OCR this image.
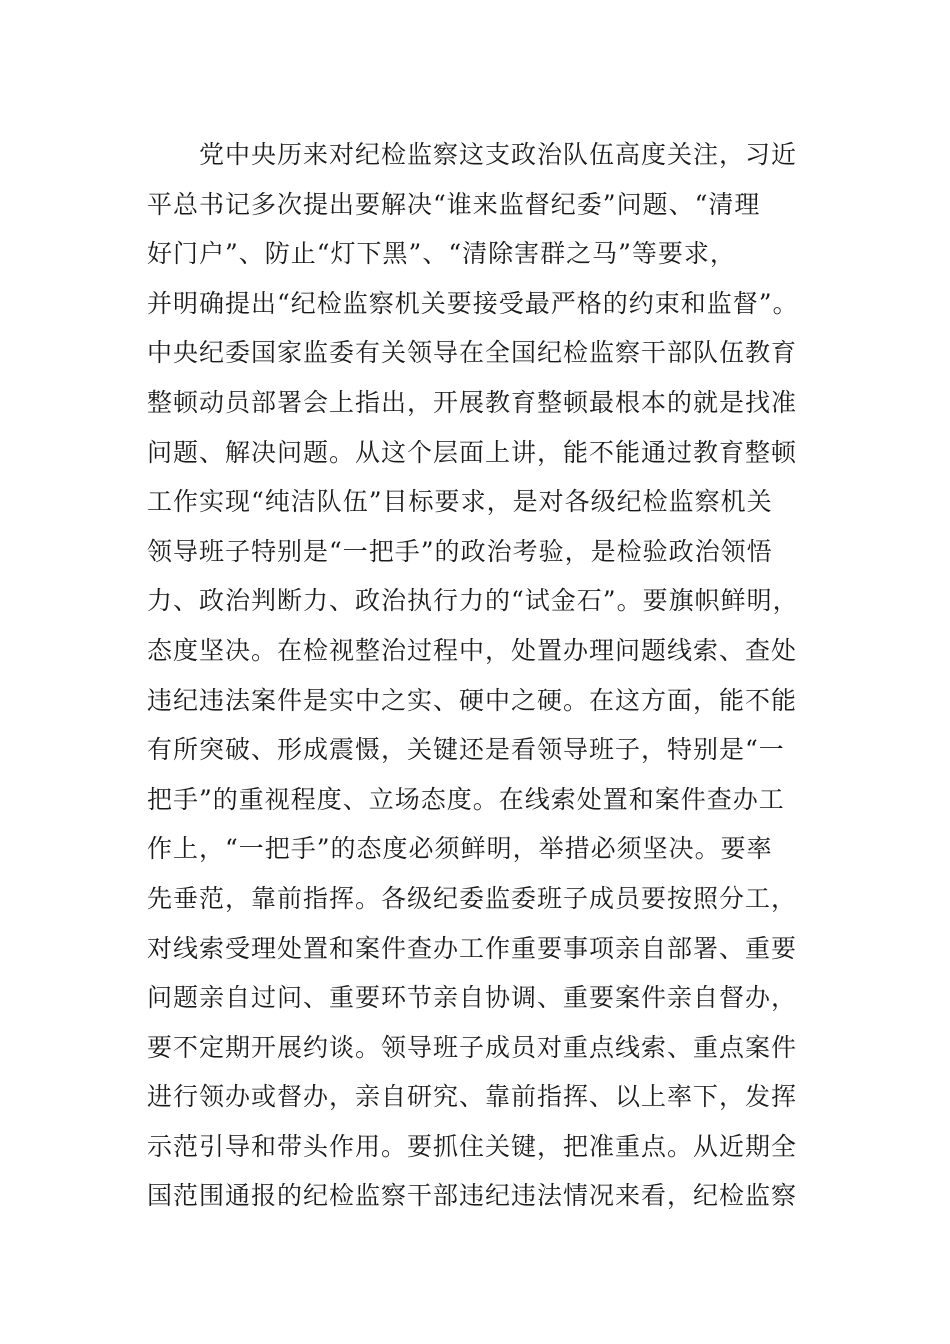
　　党中央历来对纪检监察这支政治队伍高度关注，习近
平总书记多次提出要解决“谁来监督纪委”问题、“清理
好门户”、防止“灯下黑”、“清除害群之马”等要求，
并明确提出“纪检监察机关要接受最严格的约束和监督”。
中央纪委国家监委有关领导在全国纪检监察干部队伍教育
整顿动员部署会上指出，开展教育整顿最根本的就是找准
问题、解决问题。从这个层面上讲，能不能通过教育整顿
工作实现“纯洁队伍”目标要求，是对各级纪检监察机关
领导班子特别是“一把手”的政治考验，是检验政治领悟
力、政治判断力、政治执行力的“试金石”。要旗帜鲜明，
态度坚决。在检视整治过程中，处置办理问题线索、查处
违纪违法案件是实中之实、硬中之硬。在这方面，能不能
有所突破、形成震慑，关键还是看领导班子，特别是“一
把手”的重视程度、立场态度。在线索处置和案件查办工
作上，“一把手”的态度必须鲜明，举措必须坚决。要率
先垂范，靠前指挥。各级纪委监委班子成员要按照分工，
对线索受理处置和案件查办工作重要事项亲自部署、重要
问题亲自过问、重要环节亲自协调、重要案件亲自督办，
要不定期开展约谈。领导班子成员对重点线索、重点案件
进行领办或督办，亲自研究、靠前指挥、以上率下，发挥
示范引导和带头作用。要抓住关键，把准重点。从近期全
国范围通报的纪检监察干部违纪违法情况来看，纪检监察
